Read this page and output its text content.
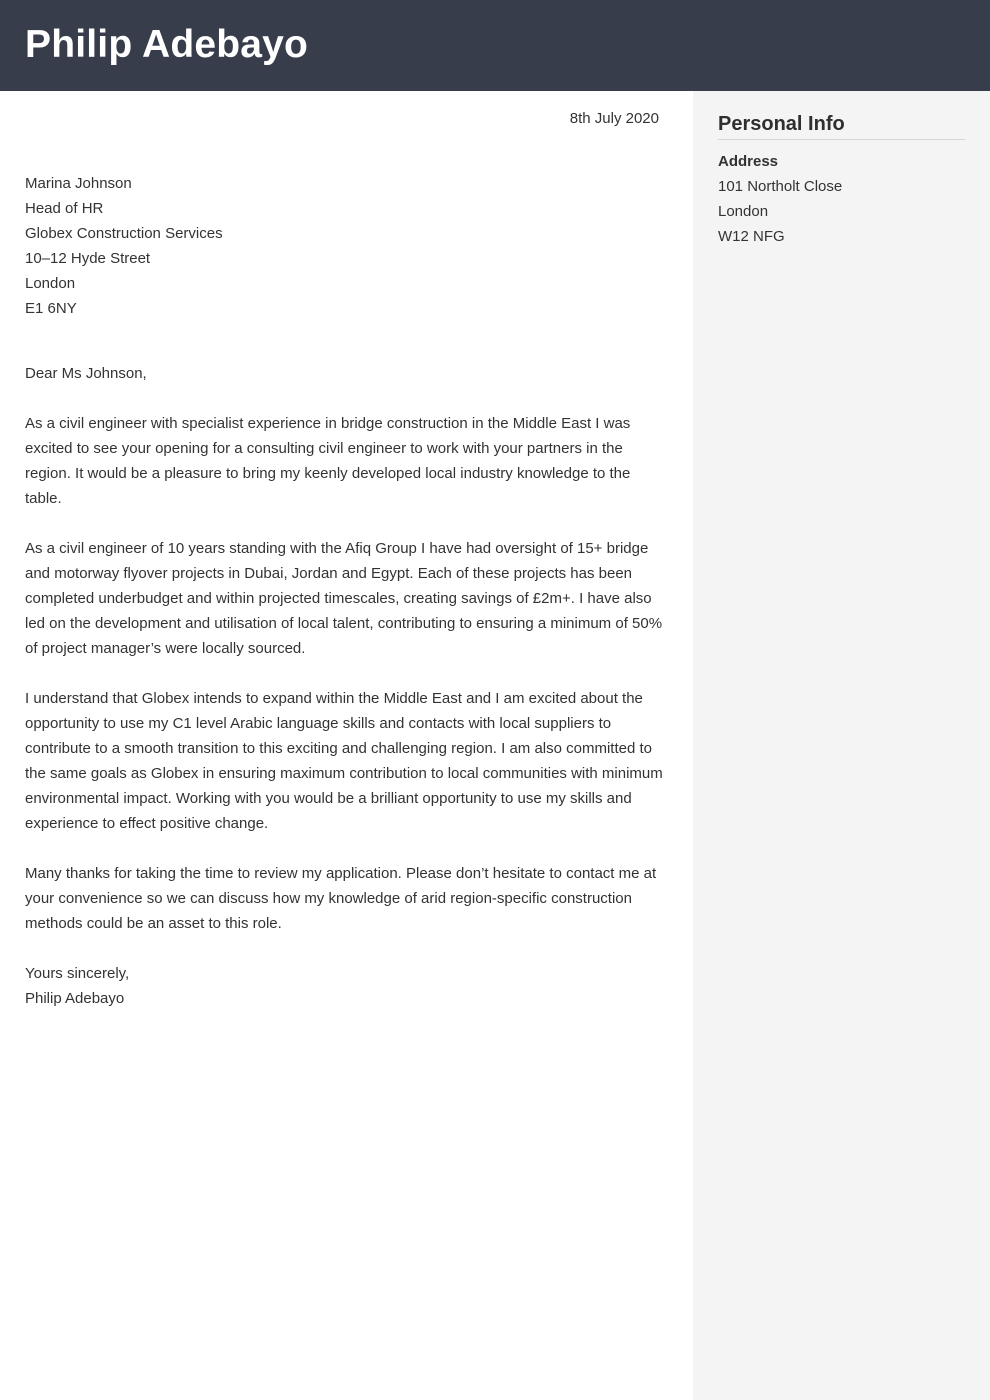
Philip Adebayo
8th July 2020
Marina Johnson
Head of HR
Globex Construction Services
10–12 Hyde Street
London
E1 6NY

Dear Ms Johnson,

As a civil engineer with specialist experience in bridge construction in the Middle East I was excited to see your opening for a consulting civil engineer to work with your partners in the region. It would be a pleasure to bring my keenly developed local industry knowledge to the table.

As a civil engineer of 10 years standing with the Afiq Group I have had oversight of 15+ bridge and motorway flyover projects in Dubai, Jordan and Egypt. Each of these projects has been completed underbudget and within projected timescales, creating savings of £2m+. I have also led on the development and utilisation of local talent, contributing to ensuring a minimum of 50% of project manager’s were locally sourced.

I understand that Globex intends to expand within the Middle East and I am excited about the opportunity to use my C1 level Arabic language skills and contacts with local suppliers to contribute to a smooth transition to this exciting and challenging region. I am also committed to the same goals as Globex in ensuring maximum contribution to local communities with minimum environmental impact. Working with you would be a brilliant opportunity to use my skills and experience to effect positive change.

Many thanks for taking the time to review my application. Please don’t hesitate to contact me at your convenience so we can discuss how my knowledge of arid region-specific construction methods could be an asset to this role.

Yours sincerely,
Philip Adebayo
Personal Info
Address
101 Northolt Close
London
W12 NFG
